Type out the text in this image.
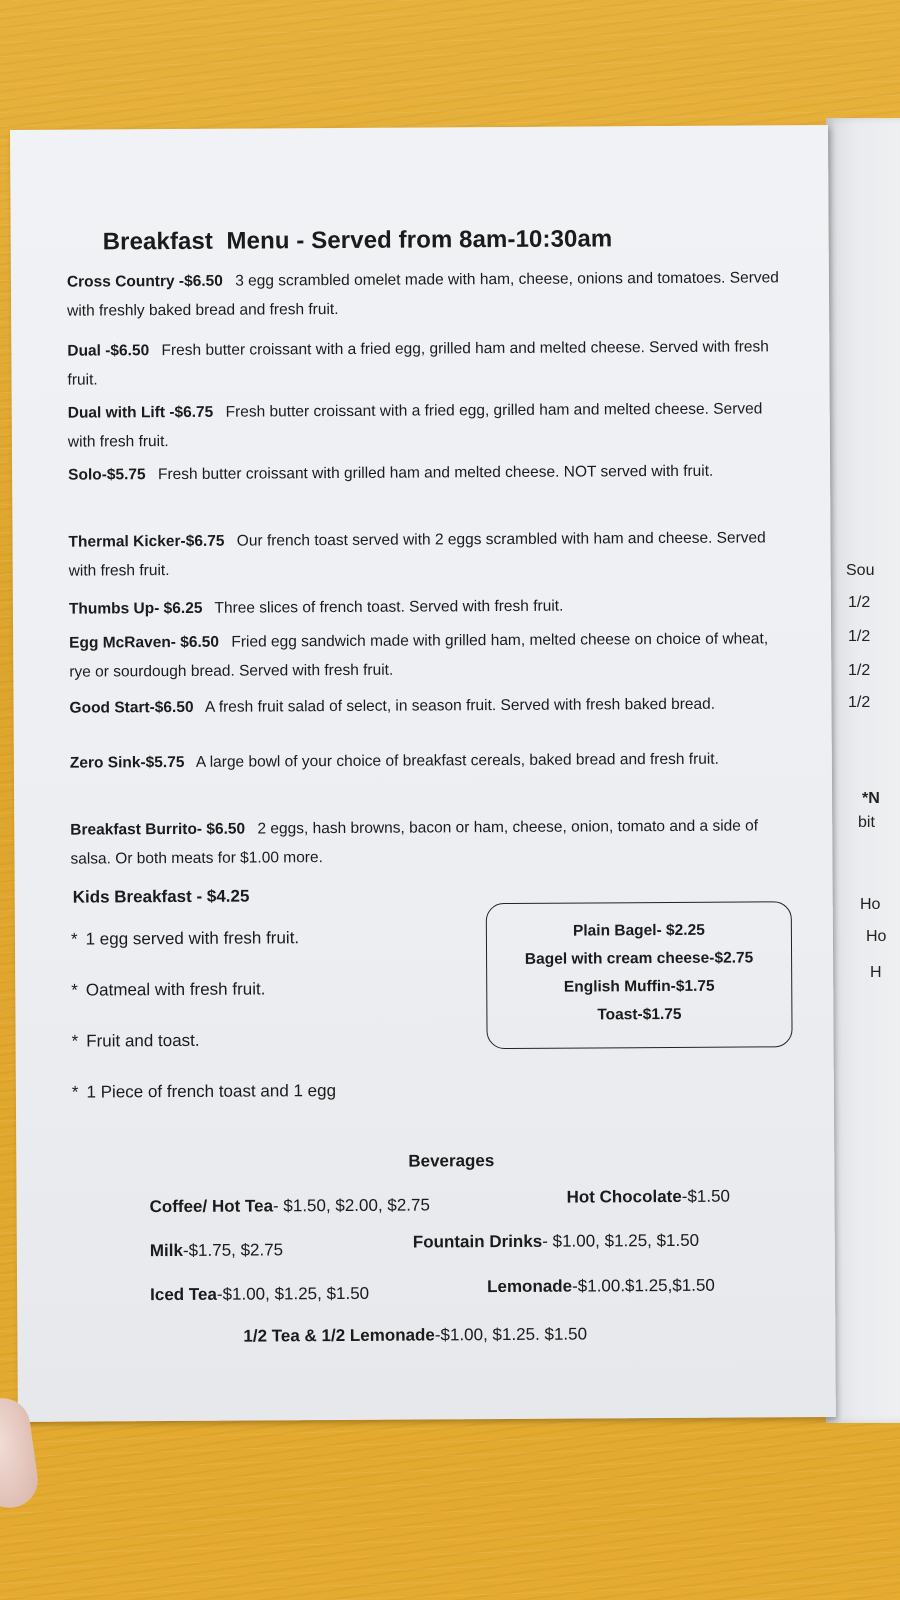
Sou
1/2
1/2
1/2
1/2
*N
bit
Ho
Ho
H
Breakfast  Menu - Served from 8am-10:30am
Cross Country -$6.50 3 egg scrambled omelet made with ham, cheese, onions and tomatoes. Served with freshly baked bread and fresh fruit.
Dual -$6.50 Fresh butter croissant with a fried egg, grilled ham and melted cheese. Served with fresh fruit.
Dual with Lift -$6.75 Fresh butter croissant with a fried egg, grilled ham and melted cheese. Served with fresh fruit.
Solo-$5.75 Fresh butter croissant with grilled ham and melted cheese. NOT served with fruit.
Thermal Kicker-$6.75 Our french toast served with 2 eggs scrambled with ham and cheese. Served with fresh fruit.
Thumbs Up- $6.25 Three slices of french toast. Served with fresh fruit.
Egg McRaven- $6.50 Fried egg sandwich made with grilled ham, melted cheese on choice of wheat, rye or sourdough bread. Served with fresh fruit.
Good Start-$6.50 A fresh fruit salad of select, in season fruit. Served with fresh baked bread.
Zero Sink-$5.75 A large bowl of your choice of breakfast cereals, baked bread and fresh fruit.
Breakfast Burrito- $6.50 2 eggs, hash browns, bacon or ham, cheese, onion, tomato and a side of salsa. Or both meats for $1.00 more.
Kids Breakfast - $4.25
* 1 egg served with fresh fruit.
* Oatmeal with fresh fruit.
* Fruit and toast.
* 1 Piece of french toast and 1 egg
Plain Bagel- $2.25
Bagel with cream cheese-$2.75
English Muffin-$1.75
Toast-$1.75
Beverages
Coffee/ Hot Tea- $1.50, $2.00, $2.75	Hot Chocolate-$1.50
Milk-$1.75, $2.75	Fountain Drinks- $1.00, $1.25, $1.50
Iced Tea-$1.00, $1.25, $1.50	Lemonade-$1.00.$1.25,$1.50
1/2 Tea & 1/2 Lemonade-$1.00, $1.25. $1.50
